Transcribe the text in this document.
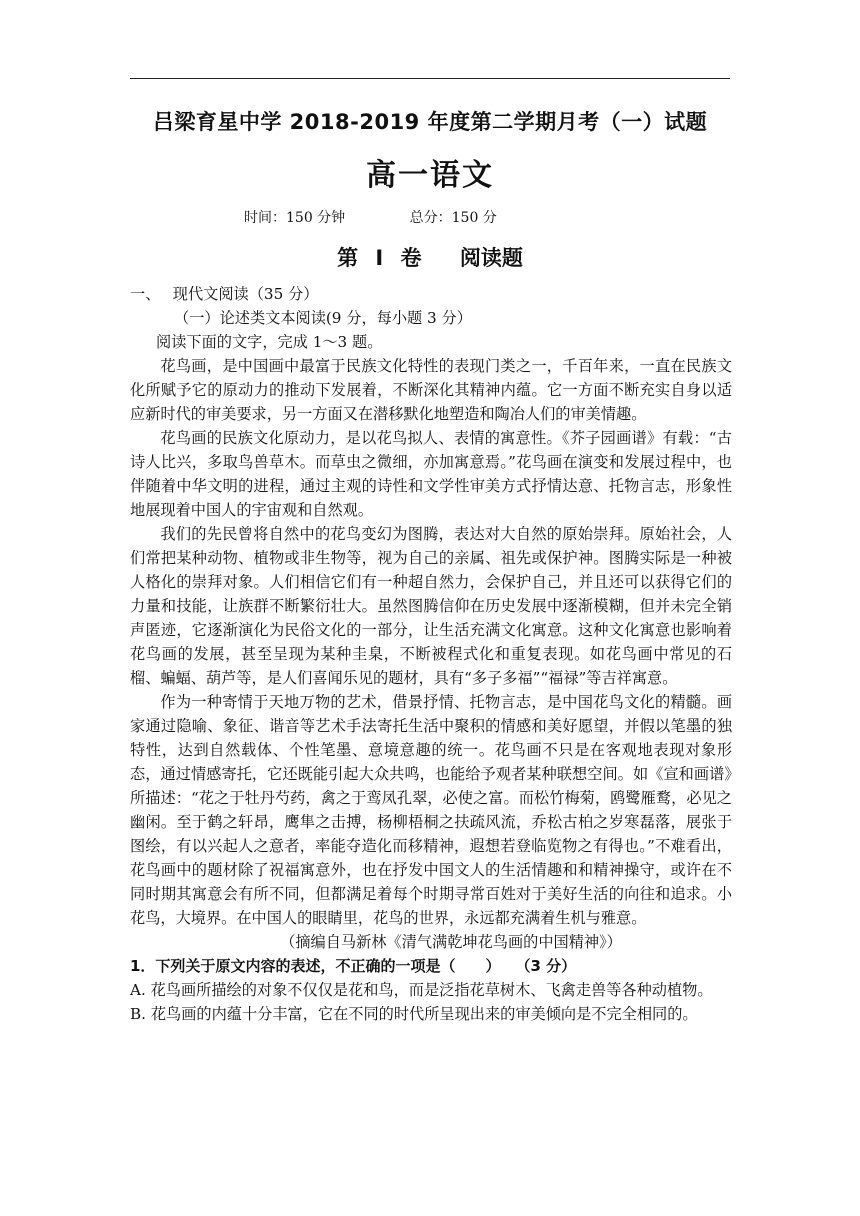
吕梁育星中学 2018-2019 年度第二学期月考（一）试题
高一语文
时间：150 分钟	总分：150 分
第 I 卷　 阅读题

一、　 现代文阅读（35 分）

（一）论述类文本阅读(9 分，每小题 3 分）

阅读下面的文字，完成 1～3 题。

花鸟画，是中国画中最富于民族文化特性的表现门类之一，千百年来，一直在民族文化所赋予它的原动力的推动下发展着，不断深化其精神内蕴。它一方面不断充实自身以适应新时代的审美要求，另一方面又在潜移默化地塑造和陶冶人们的审美情趣。

花鸟画的民族文化原动力，是以花鸟拟人、表情的寓意性。《芥子园画谱》有载：“古诗人比兴，多取鸟兽草木。而草虫之微细，亦加寓意焉。”花鸟画在演变和发展过程中，也伴随着中华文明的进程，通过主观的诗性和文学性审美方式抒情达意、托物言志，形象性地展现着中国人的宇宙观和自然观。

我们的先民曾将自然中的花鸟变幻为图腾，表达对大自然的原始崇拜。原始社会，人们常把某种动物、植物或非生物等，视为自己的亲属、祖先或保护神。图腾实际是一种被人格化的崇拜对象。人们相信它们有一种超自然力，会保护自己，并且还可以获得它们的力量和技能，让族群不断繁衍壮大。虽然图腾信仰在历史发展中逐渐模糊，但并未完全销声匿迹，它逐渐演化为民俗文化的一部分，让生活充满文化寓意。这种文化寓意也影响着花鸟画的发展，甚至呈现为某种圭臬，不断被程式化和重复表现。如花鸟画中常见的石榴、蝙蝠、葫芦等，是人们喜闻乐见的题材，具有“多子多福”“福禄”等吉祥寓意。

作为一种寄情于天地万物的艺术，借景抒情、托物言志，是中国花鸟文化的精髓。画家通过隐喻、象征、谐音等艺术手法寄托生活中聚积的情感和美好愿望，并假以笔墨的独特性，达到自然载体、个性笔墨、意境意趣的统一。花鸟画不只是在客观地表现对象形态，通过情感寄托，它还既能引起大众共鸣，也能给予观者某种联想空间。如《宣和画谱》所描述：“花之于牡丹芍药，禽之于鸾凤孔翠，必使之富。而松竹梅菊，鸥鹭雁鹜，必见之幽闲。至于鹤之轩昂，鹰隼之击搏，杨柳梧桐之扶疏风流，乔松古柏之岁寒磊落，展张于图绘，有以兴起人之意者，率能夺造化而移精神，遐想若登临览物之有得也。”不难看出，花鸟画中的题材除了祝福寓意外，也在抒发中国文人的生活情趣和和精神操守，或许在不同时期其寓意会有所不同，但都满足着每个时期寻常百姓对于美好生活的向往和追求。小花鸟，大境界。在中国人的眼睛里，花鸟的世界，永远都充满着生机与雅意。

（摘编自马新林《清气满乾坤花鸟画的中国精神》）

1．下列关于原文内容的表述，不正确的一项是（　　）　　（3 分）

A. 花鸟画所描绘的对象不仅仅是花和鸟，而是泛指花草树木、飞禽走兽等各种动植物。

B. 花鸟画的内蕴十分丰富，它在不同的时代所呈现出来的审美倾向是不完全相同的。
